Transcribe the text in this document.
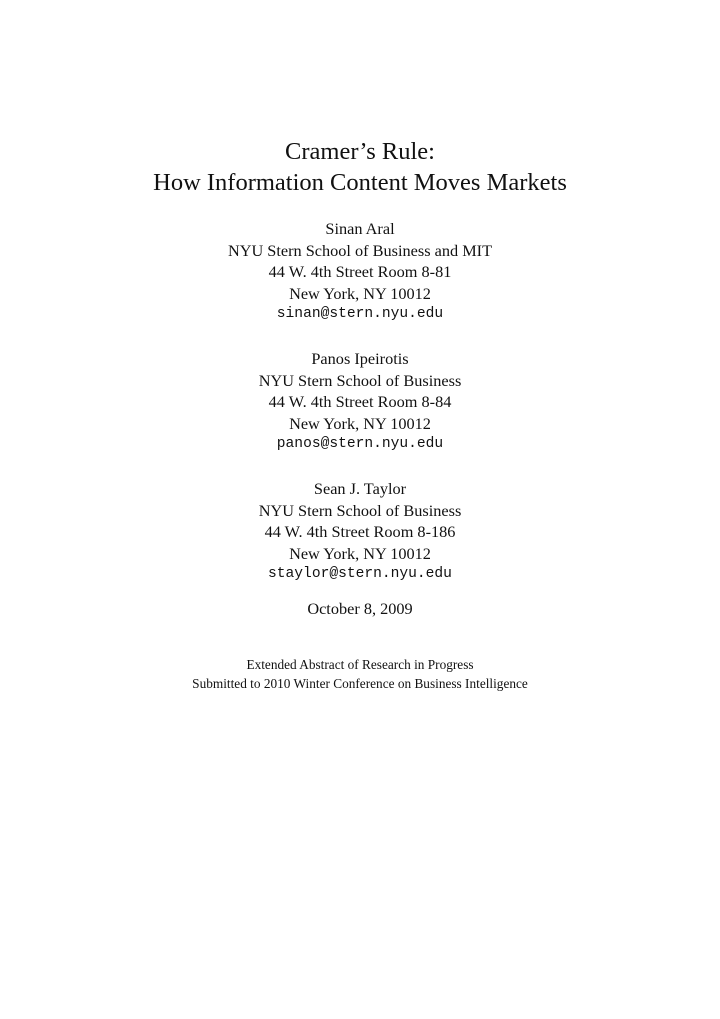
Cramer’s Rule:
How Information Content Moves Markets
Sinan Aral
NYU Stern School of Business and MIT
44 W. 4th Street Room 8-81
New York, NY 10012
sinan@stern.nyu.edu
Panos Ipeirotis
NYU Stern School of Business
44 W. 4th Street Room 8-84
New York, NY 10012
panos@stern.nyu.edu
Sean J. Taylor
NYU Stern School of Business
44 W. 4th Street Room 8-186
New York, NY 10012
staylor@stern.nyu.edu
October 8, 2009
Extended Abstract of Research in Progress
Submitted to 2010 Winter Conference on Business Intelligence
